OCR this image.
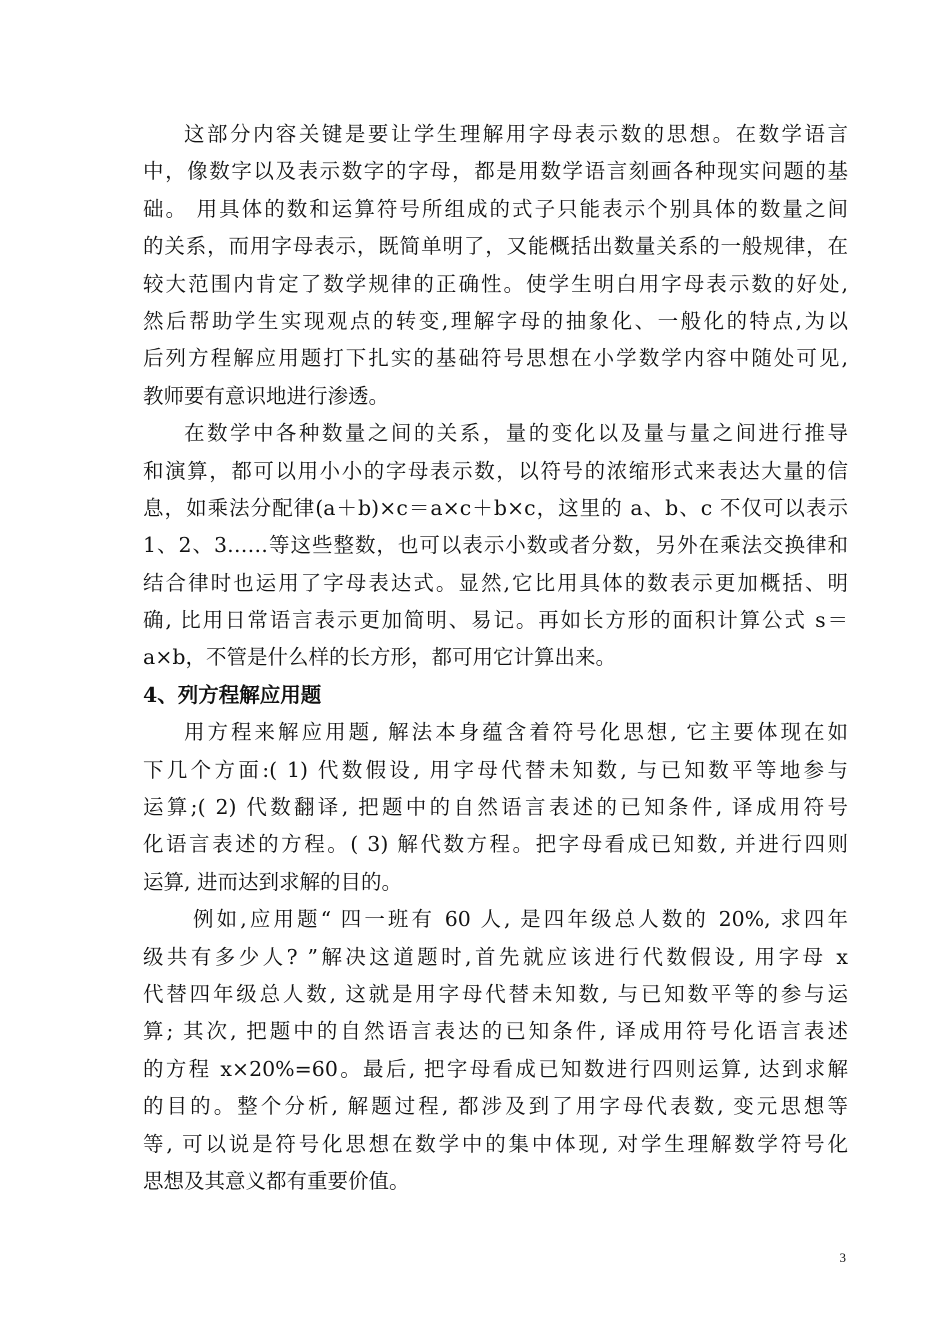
这部分内容关键是要让学生理解用字母表示数的思想。在数学语言
中，像数字以及表示数字的字母，都是用数学语言刻画各种现实问题的基
础。 用具体的数和运算符号所组成的式子只能表示个别具体的数量之间
的关系，而用字母表示，既简单明了，又能概括出数量关系的一般规律，在
较大范围内肯定了数学规律的正确性。使学生明白用字母表示数的好处,
然后帮助学生实现观点的转变,理解字母的抽象化、一般化的特点,为以
后列方程解应用题打下扎实的基础符号思想在小学数学内容中随处可见,
教师要有意识地进行渗透。
在数学中各种数量之间的关系，量的变化以及量与量之间进行推导
和演算，都可以用小小的字母表示数，以符号的浓缩形式来表达大量的信
息，如乘法分配律(a＋b)×c＝a×c＋b×c，这里的 a、b、c 不仅可以表示
1、2、3……等这些整数，也可以表示小数或者分数，另外在乘法交换律和
结合律时也运用了字母表达式。显然,它比用具体的数表示更加概括、明
确, 比用日常语言表示更加简明、易记。再如长方形的面积计算公式 s＝
a×b，不管是什么样的长方形，都可用它计算出来。
4、列方程解应用题
用方程来解应用题, 解法本身蕴含着符号化思想, 它主要体现在如
下几个方面:( 1) 代数假设, 用字母代替未知数, 与已知数平等地参与
运算;( 2) 代数翻译, 把题中的自然语言表述的已知条件, 译成用符号
化语言表述的方程。( 3) 解代数方程。把字母看成已知数, 并进行四则
运算, 进而达到求解的目的。
例如,应用题“ 四一班有 60 人, 是四年级总人数的 20%, 求四年
级共有多少人? ”解决这道题时,首先就应该进行代数假设, 用字母 x
代替四年级总人数, 这就是用字母代替未知数, 与已知数平等的参与运
算; 其次, 把题中的自然语言表达的已知条件, 译成用符号化语言表述
的方程 x×20%=60。最后, 把字母看成已知数进行四则运算, 达到求解
的目的。整个分析, 解题过程, 都涉及到了用字母代表数, 变元思想等
等, 可以说是符号化思想在数学中的集中体现, 对学生理解数学符号化
思想及其意义都有重要价值。
3
